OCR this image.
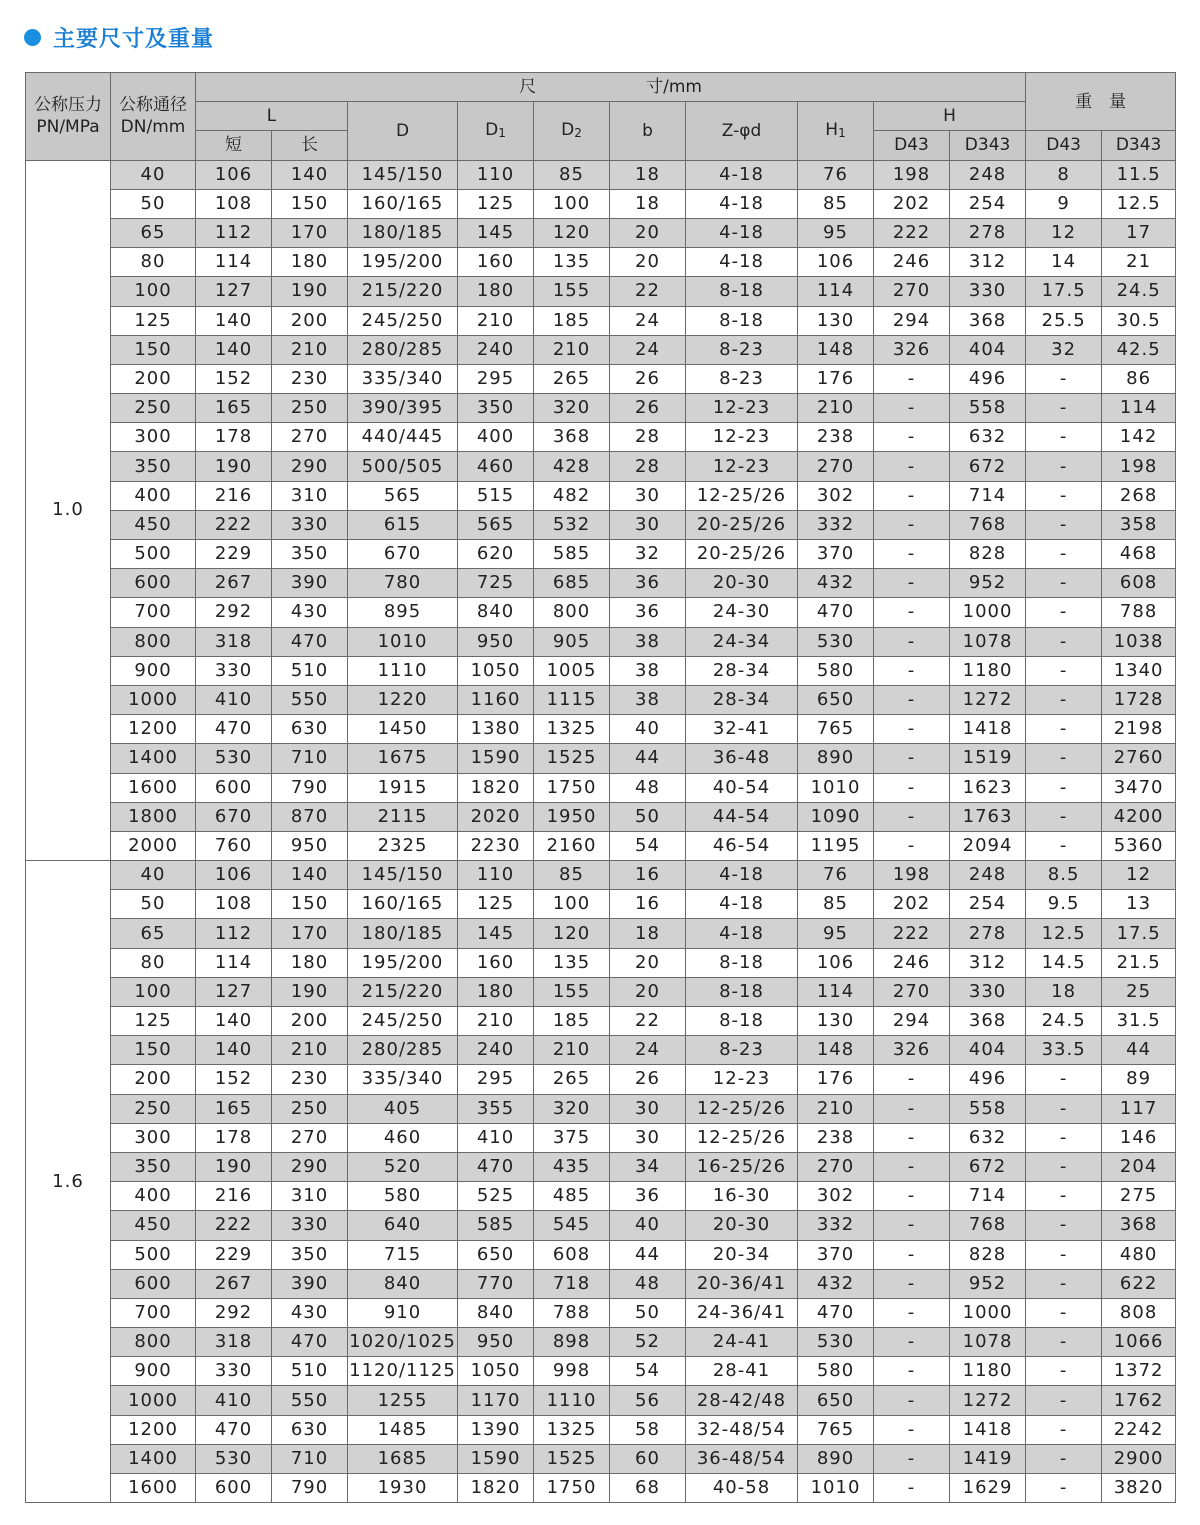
主要尺寸及重量
公称压力 PN/MPa	公称通径 DN/mm	尺 寸/mm										重　量	
		L		D	$D_1$	$D_2$	b	Z-φd	$H_1$	H			
		短	长							D43	D343	D43	D343
1.0	40	106	140	145/150	110	85	18	4-18	76	198	248	8	11.5
	50	108	150	160/165	125	100	18	4-18	85	202	254	9	12.5
	65	112	170	180/185	145	120	20	4-18	95	222	278	12	17
	80	114	180	195/200	160	135	20	4-18	106	246	312	14	21
	100	127	190	215/220	180	155	22	8-18	114	270	330	17.5	24.5
	125	140	200	245/250	210	185	24	8-18	130	294	368	25.5	30.5
	150	140	210	280/285	240	210	24	8-23	148	326	404	32	42.5
	200	152	230	335/340	295	265	26	8-23	176	-	496	-	86
	250	165	250	390/395	350	320	26	12-23	210	-	558	-	114
	300	178	270	440/445	400	368	28	12-23	238	-	632	-	142
	350	190	290	500/505	460	428	28	12-23	270	-	672	-	198
	400	216	310	565	515	482	30	12-25/26	302	-	714	-	268
	450	222	330	615	565	532	30	20-25/26	332	-	768	-	358
	500	229	350	670	620	585	32	20-25/26	370	-	828	-	468
	600	267	390	780	725	685	36	20-30	432	-	952	-	608
	700	292	430	895	840	800	36	24-30	470	-	1000	-	788
	800	318	470	1010	950	905	38	24-34	530	-	1078	-	1038
	900	330	510	1110	1050	1005	38	28-34	580	-	1180	-	1340
	1000	410	550	1220	1160	1115	38	28-34	650	-	1272	-	1728
	1200	470	630	1450	1380	1325	40	32-41	765	-	1418	-	2198
	1400	530	710	1675	1590	1525	44	36-48	890	-	1519	-	2760
	1600	600	790	1915	1820	1750	48	40-54	1010	-	1623	-	3470
	1800	670	870	2115	2020	1950	50	44-54	1090	-	1763	-	4200
	2000	760	950	2325	2230	2160	54	46-54	1195	-	2094	-	5360
1.6	40	106	140	145/150	110	85	16	4-18	76	198	248	8.5	12
	50	108	150	160/165	125	100	16	4-18	85	202	254	9.5	13
	65	112	170	180/185	145	120	18	4-18	95	222	278	12.5	17.5
	80	114	180	195/200	160	135	20	8-18	106	246	312	14.5	21.5
	100	127	190	215/220	180	155	20	8-18	114	270	330	18	25
	125	140	200	245/250	210	185	22	8-18	130	294	368	24.5	31.5
	150	140	210	280/285	240	210	24	8-23	148	326	404	33.5	44
	200	152	230	335/340	295	265	26	12-23	176	-	496	-	89
	250	165	250	405	355	320	30	12-25/26	210	-	558	-	117
	300	178	270	460	410	375	30	12-25/26	238	-	632	-	146
	350	190	290	520	470	435	34	16-25/26	270	-	672	-	204
	400	216	310	580	525	485	36	16-30	302	-	714	-	275
	450	222	330	640	585	545	40	20-30	332	-	768	-	368
	500	229	350	715	650	608	44	20-34	370	-	828	-	480
	600	267	390	840	770	718	48	20-36/41	432	-	952	-	622
	700	292	430	910	840	788	50	24-36/41	470	-	1000	-	808
	800	318	470	1020/1025	950	898	52	24-41	530	-	1078	-	1066
	900	330	510	1120/1125	1050	998	54	28-41	580	-	1180	-	1372
	1000	410	550	1255	1170	1110	56	28-42/48	650	-	1272	-	1762
	1200	470	630	1485	1390	1325	58	32-48/54	765	-	1418	-	2242
	1400	530	710	1685	1590	1525	60	36-48/54	890	-	1419	-	2900
	1600	600	790	1930	1820	1750	68	40-58	1010	-	1629	-	3820
